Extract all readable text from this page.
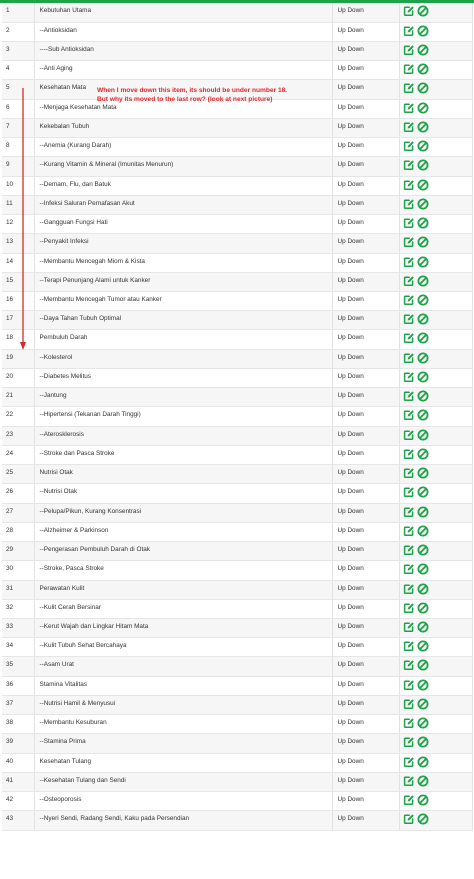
1	Kebutuhan Utama	Up Down	

2	--Antioksidan	Up Down	

3	----Sub Antioksidan	Up Down	

4	--Anti Aging	Up Down	

5	Kesehatan Mata	Up Down	

6	--Menjaga Kesehatan Mata	Up Down	

7	Kekebalan Tubuh	Up Down	

8	--Anemia (Kurang Darah)	Up Down	

9	--Kurang Vitamin & Mineral (Imunitas Menurun)	Up Down	

10	--Demam, Flu, dan Batuk	Up Down	

11	--Infeksi Saluran Pernafasan Akut	Up Down	

12	--Gangguan Fungsi Hati	Up Down	

13	--Penyakit Infeksi	Up Down	

14	--Membantu Mencegah Miom & Kista	Up Down	

15	--Terapi Penunjang Alami untuk Kanker	Up Down	

16	--Membantu Mencegah Tumor atau Kanker	Up Down	

17	--Daya Tahan Tubuh Optimal	Up Down	

18	Pembuluh Darah	Up Down	

19	--Kolesterol	Up Down	

20	--Diabetes Melitus	Up Down	

21	--Jantung	Up Down	

22	--Hipertensi (Tekanan Darah Tinggi)	Up Down	

23	--Aterosklerosis	Up Down	

24	--Stroke dan Pasca Stroke	Up Down	

25	Nutrisi Otak	Up Down	

26	--Nutrisi Otak	Up Down	

27	--Pelupa/Pikun, Kurang Konsentrasi	Up Down	

28	--Alzheimer & Parkinson	Up Down	

29	--Pengerasan Pembuluh Darah di Otak	Up Down	

30	--Stroke, Pasca Stroke	Up Down	

31	Perawatan Kulit	Up Down	

32	--Kulit Cerah Bersinar	Up Down	

33	--Kerut Wajah dan Lingkar Hitam Mata	Up Down	

34	--Kulit Tubuh Sehat Bercahaya	Up Down	

35	--Asam Urat	Up Down	

36	Stamina Vitalitas	Up Down	

37	--Nutrisi Hamil & Menyusui	Up Down	

38	--Membantu Kesuburan	Up Down	

39	--Stamina Prima	Up Down	

40	Kesehatan Tulang	Up Down	

41	--Kesehatan Tulang dan Sendi	Up Down	

42	--Osteoporosis	Up Down	

43	--Nyeri Sendi, Radang Sendi, Kaku pada Persendian	Up Down	
When I move down this item, its should be under number 18.
But why its moved to the last row? (look at next picture)
